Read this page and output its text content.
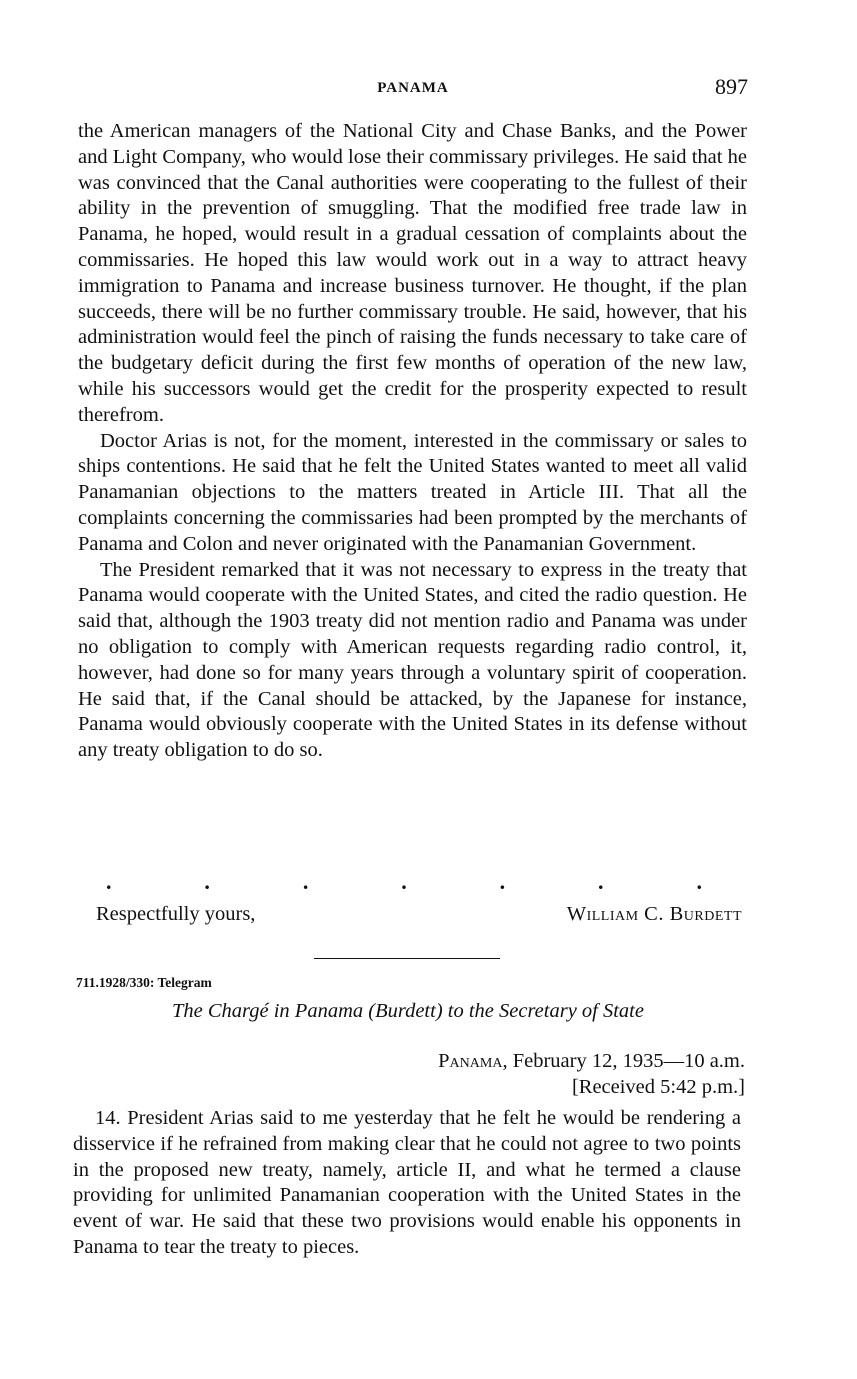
PANAMA	897

the American managers of the National City and Chase Banks, and the Power and Light Company, who would lose their commissary privileges. He said that he was convinced that the Canal authorities were cooperating to the fullest of their ability in the prevention of smuggling. That the modified free trade law in Panama, he hoped, would result in a gradual cessation of complaints about the commissaries. He hoped this law would work out in a way to attract heavy immigration to Panama and increase business turnover. He thought, if the plan succeeds, there will be no further commissary trouble. He said, however, that his administration would feel the pinch of raising the funds necessary to take care of the budgetary deficit during the first few months of operation of the new law, while his successors would get the credit for the prosperity expected to result therefrom.

Doctor Arias is not, for the moment, interested in the commissary or sales to ships contentions. He said that he felt the United States wanted to meet all valid Panamanian objections to the matters treated in Article III. That all the complaints concerning the commissaries had been prompted by the merchants of Panama and Colon and never originated with the Panamanian Government.

The President remarked that it was not necessary to express in the treaty that Panama would cooperate with the United States, and cited the radio question. He said that, although the 1903 treaty did not mention radio and Panama was under no obligation to comply with American requests regarding radio control, it, however, had done so for many years through a voluntary spirit of cooperation. He said that, if the Canal should be attacked, by the Japanese for instance, Panama would obviously cooperate with the United States in its defense without any treaty obligation to do so.

.	.	.	.	.	.	.
Respectfully yours,	William C. Burdett
711.1928/330: Telegram
The Chargé in Panama (Burdett) to the Secretary of State
Panama, February 12, 1935—10 a.m.
[Received 5:42 p.m.]

14. President Arias said to me yesterday that he felt he would be rendering a disservice if he refrained from making clear that he could not agree to two points in the proposed new treaty, namely, article II, and what he termed a clause providing for unlimited Panamanian cooperation with the United States in the event of war. He said that these two provisions would enable his opponents in Panama to tear the treaty to pieces.
